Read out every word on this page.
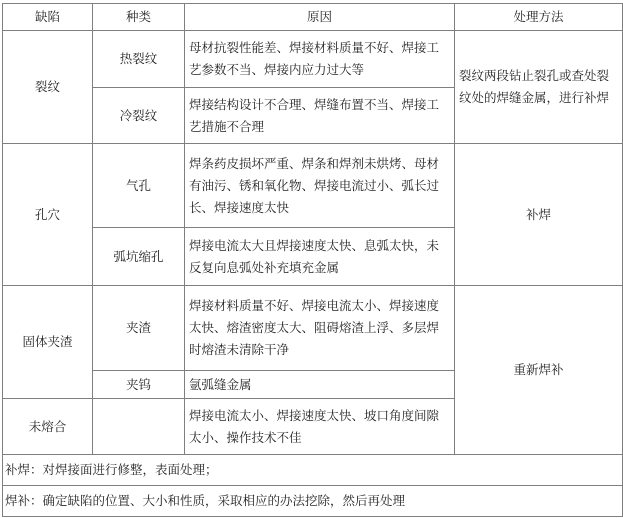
缺陷	种类	原因	处理方法
裂纹	热裂纹	母材抗裂性能差、焊接材料质量不好、焊接工艺参数不当、焊接内应力过大等	裂纹两段钻止裂孔或查处裂纹处的焊缝金属，进行补焊
	冷裂纹	焊接结构设计不合理、焊缝布置不当、焊接工艺措施不合理	
孔穴	气孔	焊条药皮损坏严重、焊条和焊剂未烘烤、母材有油污、锈和氧化物、焊接电流过小、弧长过长、焊接速度太快	补焊
	弧坑缩孔	焊接电流太大且焊接速度太快、息弧太快，未反复向息弧处补充填充金属	
固体夹渣	夹渣	焊接材料质量不好、焊接电流太小、焊接速度太快、熔渣密度太大、阻碍熔渣上浮、多层焊时熔渣未清除干净	重新焊补
	夹钨	氩弧缝金属	
未熔合		焊接电流太小、焊接速度太快、坡口角度间隙太小、操作技术不佳	
补焊：对焊接面进行修整，表面处理；			
焊补：确定缺陷的位置、大小和性质，采取相应的办法挖除，然后再处理			
